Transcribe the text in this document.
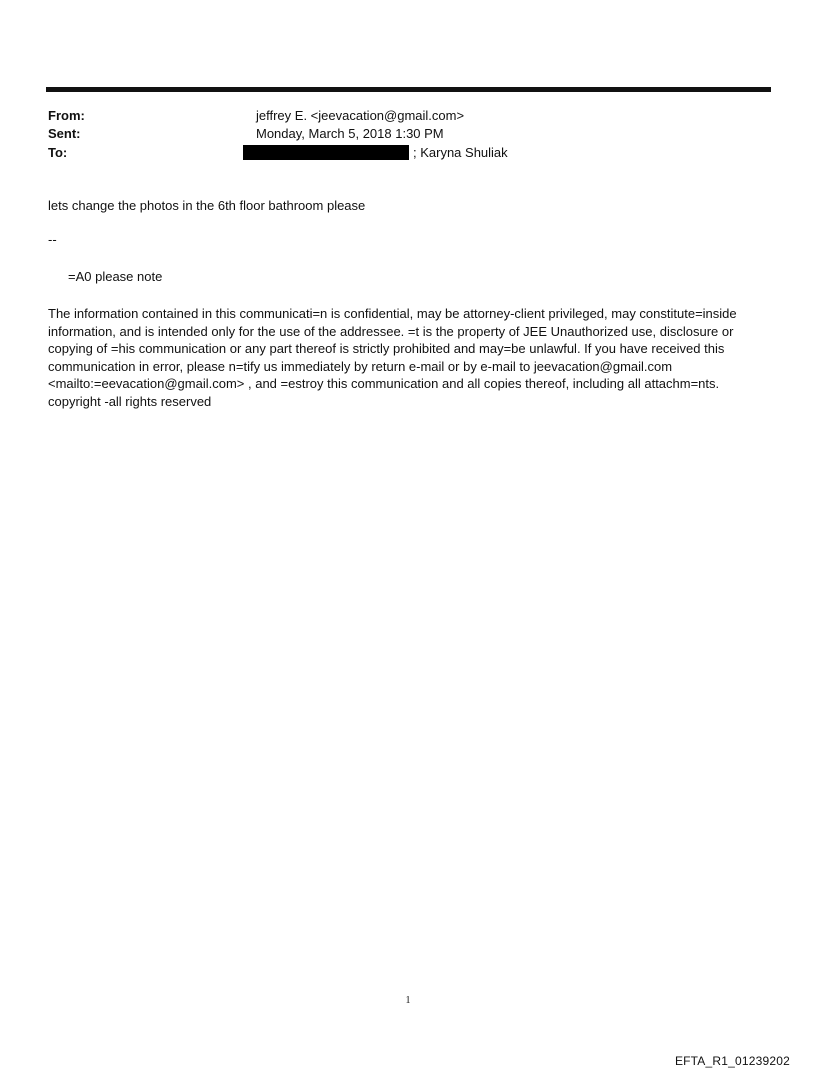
From:	jeffrey E. <jeevacation@gmail.com>
Sent:	Monday, March 5, 2018 1:30 PM
To:	; Karyna Shuliak
lets change the photos in the 6th floor bathroom please
--
=A0 please note
The information contained in this communicati=n is confidential, may be attorney-client privileged, may constitute=inside information, and is intended only for the use of the addressee. =t is the property of JEE Unauthorized use, disclosure or copying of =his communication or any part thereof is strictly prohibited and may=be unlawful. If you have received this communication in error, please n=tify us immediately by return e-mail or by e-mail to jeevacation@gmail.com <mailto:=eevacation@gmail.com> , and =estroy this communication and all copies thereof, including all attachm=nts. copyright -all rights reserved
1
EFTA_R1_01239202
